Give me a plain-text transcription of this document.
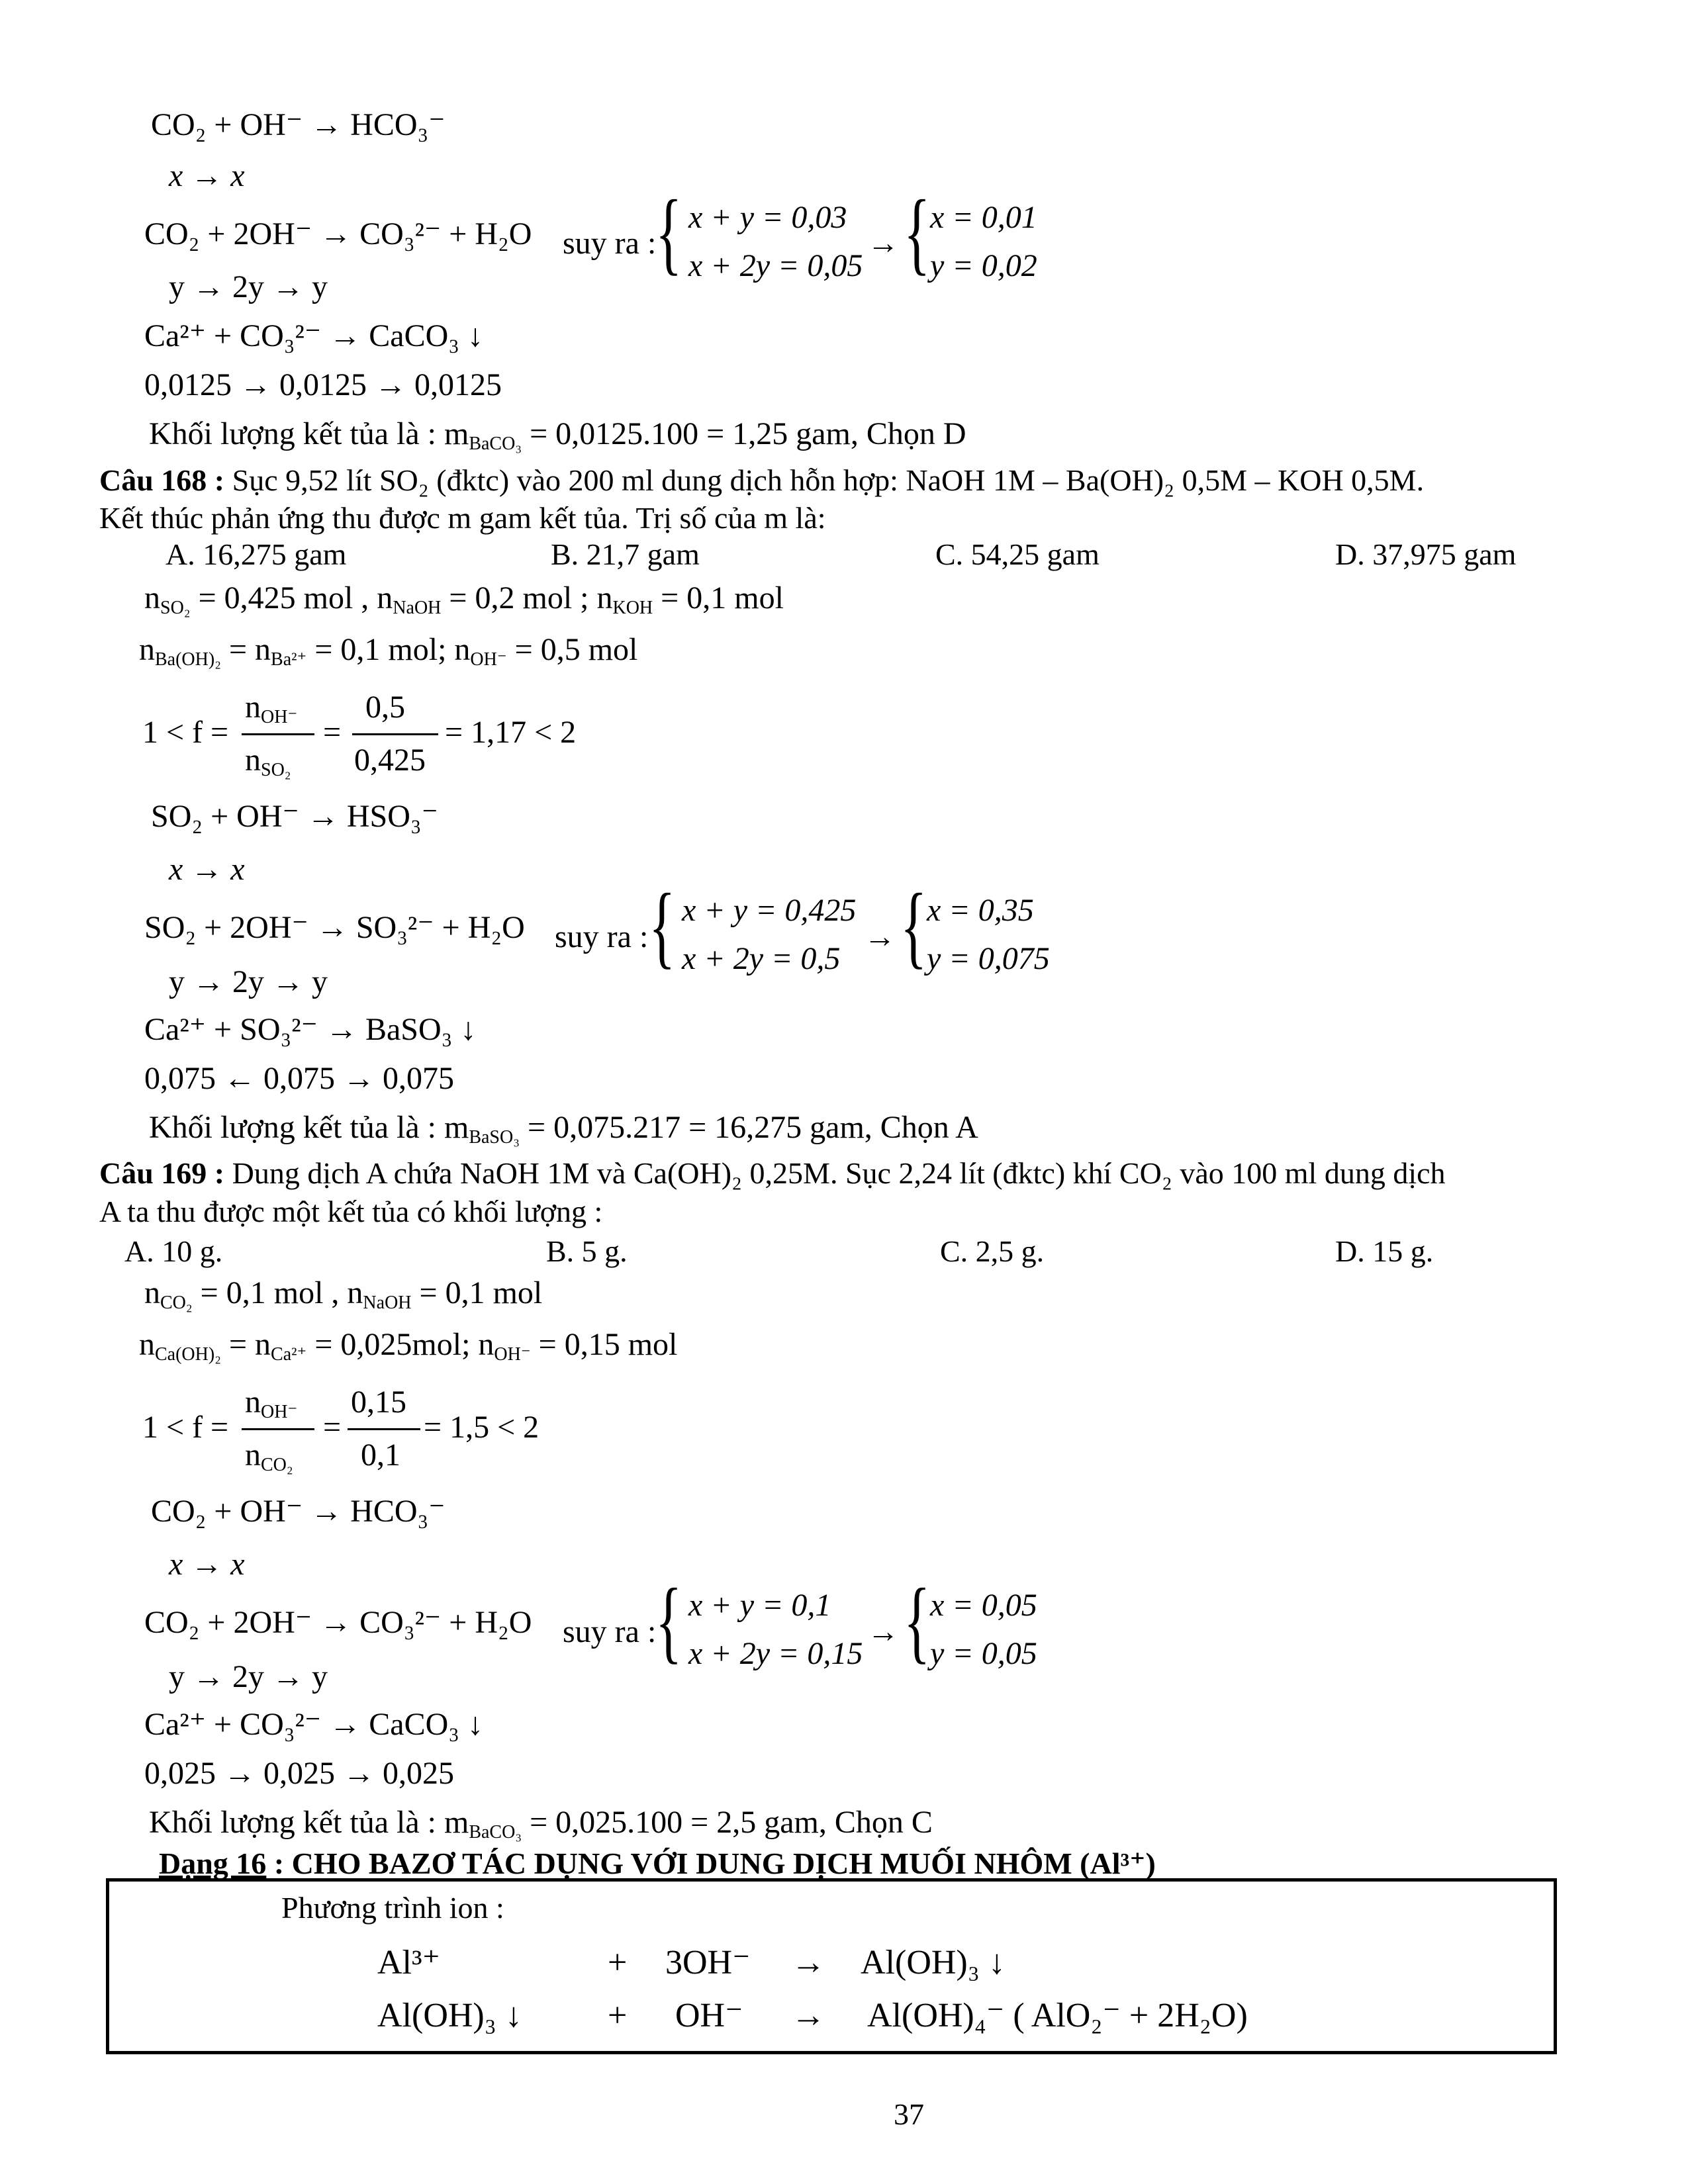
CO₂ + OH⁻ → HCO₃⁻
x → x
CO₂ + 2OH⁻ → CO₃²⁻ + H₂O suy ra :
{ x + y = 0,03
x + 2y = 0,05
→ { x = 0,01
y = 0,02
y → 2y → y
Ca²⁺ + CO₃²⁻ → CaCO₃ ↓
0,0125 → 0,0125 → 0,0125
Khối lượng kết tủa là : $m_{BaCO_3} = 0,0125.100 = 1,25$ gam, Chọn D
Câu 168 : Sục 9,52 lít SO₂ (đktc) vào 200 ml dung dịch hỗn hợp: NaOH 1M – Ba(OH)₂ 0,5M – KOH 0,5M.
Kết thúc phản ứng thu được m gam kết tủa. Trị số của m là:
A. 16,275 gam	B. 21,7 gam	C. 54,25 gam	D. 37,975 gam
$n_{SO_2} = 0,425$ mol , $n_{NaOH} = 0,2$ mol ; $n_{KOH} = 0,1$ mol
$n_{Ba(OH)_2} = n_{Ba^{2+}} = 0,1$ mol; $n_{OH^-} = 0,5$ mol
1 < f =
$n_{OH^-}$
$n_{SO_2}$
=
0,5
0,425
= 1,17 < 2
SO₂ + OH⁻ → HSO₃⁻
x → x
SO₂ + 2OH⁻ → SO₃²⁻ + H₂O suy ra : { x + y = 0,425
x + 2y = 0,5
→ { x = 0,35
y = 0,075
y → 2y → y
Ca²⁺ + SO₃²⁻ → BaSO₃ ↓
0,075 ← 0,075 → 0,075
Khối lượng kết tủa là : $m_{BaSO_3} = 0,075.217 = 16,275$ gam, Chọn A
Câu 169 : Dung dịch A chứa NaOH 1M và Ca(OH)₂ 0,25M. Sục 2,24 lít (đktc) khí CO₂ vào 100 ml dung dịch
A ta thu được một kết tủa có khối lượng :
A. 10 g.	B. 5 g.	C. 2,5 g.	D. 15 g.
$n_{CO_2} = 0,1$ mol , $n_{NaOH} = 0,1$ mol
$n_{Ca(OH)_2} = n_{Ca^{2+}} = 0,025mol$; $n_{OH^-} = 0,15$ mol
1 < f =
$n_{OH^-}$
$n_{CO_2}$
=
0,15
0,1
= 1,5 < 2
CO₂ + OH⁻ → HCO₃⁻
x → x
CO₂ + 2OH⁻ → CO₃²⁻ + H₂O suy ra :
{ x + y = 0,1
x + 2y = 0,15
→ { x = 0,05
y = 0,05
y → 2y → y
Ca²⁺ + CO₃²⁻ → CaCO₃ ↓
0,025 → 0,025 → 0,025
Khối lượng kết tủa là : $m_{BaCO_3} = 0,025.100 = 2,5$ gam, Chọn C
Dạng 16 : CHO BAZƠ TÁC DỤNG VỚI DUNG DỊCH MUỐI NHÔM (Al³⁺)
Phương trình ion :
Al³⁺	+ 3OH⁻ → Al(OH)₃ ↓
Al(OH)₃ ↓ + OH⁻ → Al(OH)₄⁻ ( AlO₂⁻ + 2H₂O)
37
